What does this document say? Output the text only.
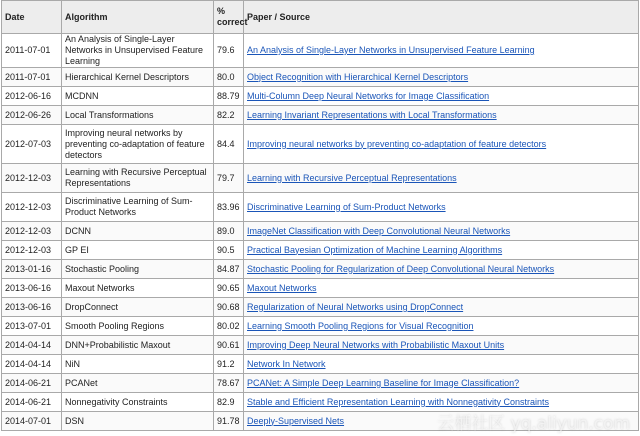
Date	Algorithm	% correct	Paper / Source
2011-07-01	An Analysis of Single-Layer Networks in Unsupervised Feature Learning	79.6	An Analysis of Single-Layer Networks in Unsupervised Feature Learning
2011-07-01	Hierarchical Kernel Descriptors	80.0	Object Recognition with Hierarchical Kernel Descriptors
2012-06-16	MCDNN	88.79	Multi-Column Deep Neural Networks for Image Classification
2012-06-26	Local Transformations	82.2	Learning Invariant Representations with Local Transformations
2012-07-03	Improving neural networks by preventing co-adaptation of feature detectors	84.4	Improving neural networks by preventing co-adaptation of feature detectors
2012-12-03	Learning with Recursive Perceptual Representations	79.7	Learning with Recursive Perceptual Representations
2012-12-03	Discriminative Learning of Sum-Product Networks	83.96	Discriminative Learning of Sum-Product Networks
2012-12-03	DCNN	89.0	ImageNet Classification with Deep Convolutional Neural Networks
2012-12-03	GP EI	90.5	Practical Bayesian Optimization of Machine Learning Algorithms
2013-01-16	Stochastic Pooling	84.87	Stochastic Pooling for Regularization of Deep Convolutional Neural Networks
2013-06-16	Maxout Networks	90.65	Maxout Networks
2013-06-16	DropConnect	90.68	Regularization of Neural Networks using DropConnect
2013-07-01	Smooth Pooling Regions	80.02	Learning Smooth Pooling Regions for Visual Recognition
2014-04-14	DNN+Probabilistic Maxout	90.61	Improving Deep Neural Networks with Probabilistic Maxout Units
2014-04-14	NiN	91.2	Network In Network
2014-06-21	PCANet	78.67	PCANet: A Simple Deep Learning Baseline for Image Classification?
2014-06-21	Nonnegativity Constraints	82.9	Stable and Efficient Representation Learning with Nonnegativity Constraints
2014-07-01	DSN	91.78	Deeply-Supervised Nets	云栖社区 yq.aliyun.com
